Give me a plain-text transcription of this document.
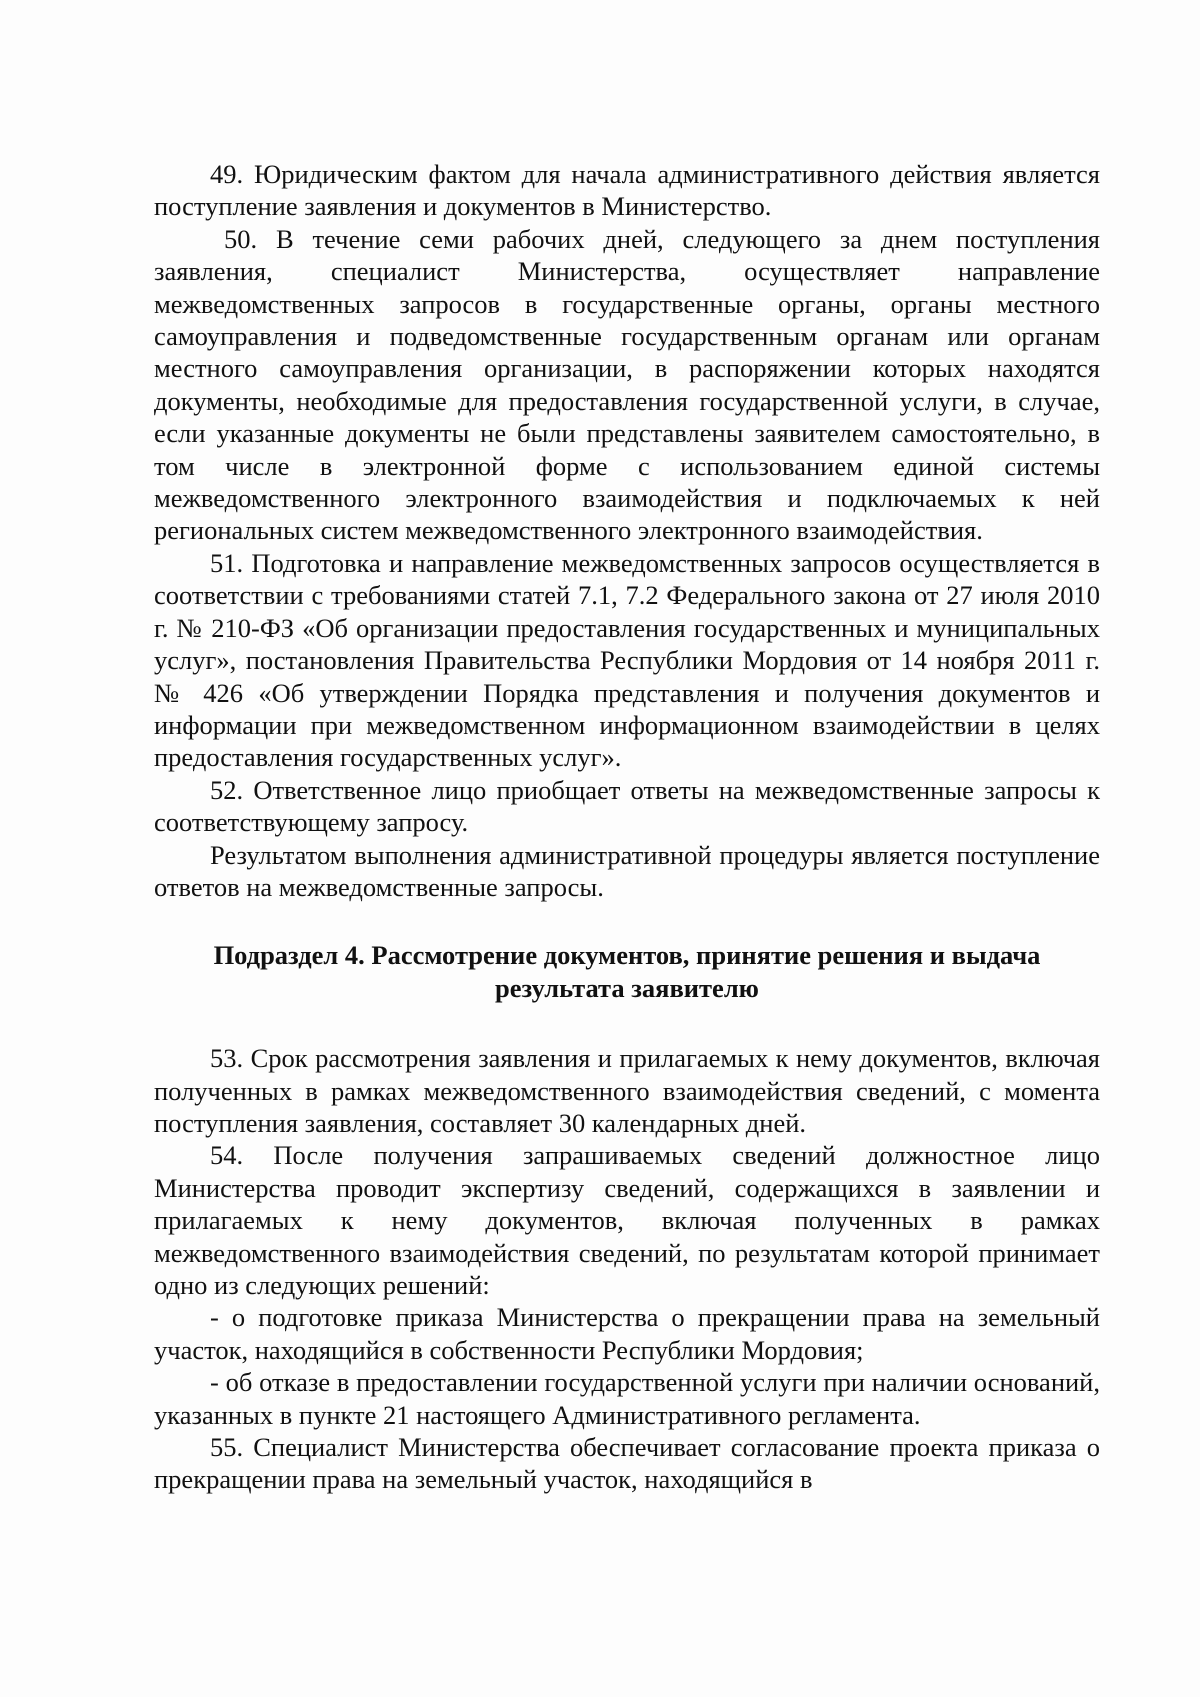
49. Юридическим фактом для начала административного действия является поступление заявления и документов в Министерство.

50. В течение семи рабочих дней, следующего за днем поступления заявления, специалист Министерства, осуществляет направление межведомственных запросов в государственные органы, органы местного самоуправления и подведомственные государственным органам или органам местного самоуправления организации, в распоряжении которых находятся документы, необходимые для предоставления государственной услуги, в случае, если указанные документы не были представлены заявителем самостоятельно, в том числе в электронной форме с использованием единой системы межведомственного электронного взаимодействия и подключаемых к ней региональных систем межведомственного электронного взаимодействия.

51. Подготовка и направление межведомственных запросов осуществляется в соответствии с требованиями статей 7.1, 7.2 Федерального закона от 27 июля 2010 г. № 210-ФЗ «Об организации предоставления государственных и муниципальных услуг», постановления Правительства Республики Мордовия от 14 ноября 2011 г. № 426 «Об утверждении Порядка представления и получения документов и информации при межведомственном информационном взаимодействии в целях предоставления государственных услуг».

52. Ответственное лицо приобщает ответы на межведомственные запросы к соответствующему запросу.

Результатом выполнения административной процедуры является поступление ответов на межведомственные запросы.

Подраздел 4. Рассмотрение документов, принятие решения и выдача
результата заявителю

53. Срок рассмотрения заявления и прилагаемых к нему документов, включая полученных в рамках межведомственного взаимодействия сведений, с момента поступления заявления, составляет 30 календарных дней.

54. После получения запрашиваемых сведений должностное лицо Министерства проводит экспертизу сведений, содержащихся в заявлении и прилагаемых к нему документов, включая полученных в рамках межведомственного взаимодействия сведений, по результатам которой принимает одно из следующих решений:

- о подготовке приказа Министерства о прекращении права на земельный участок, находящийся в собственности Республики Мордовия;

- об отказе в предоставлении государственной услуги при наличии оснований, указанных в пункте 21 настоящего Административного регламента.

55. Специалист Министерства обеспечивает согласование проекта приказа о прекращении права на земельный участок, находящийся в
